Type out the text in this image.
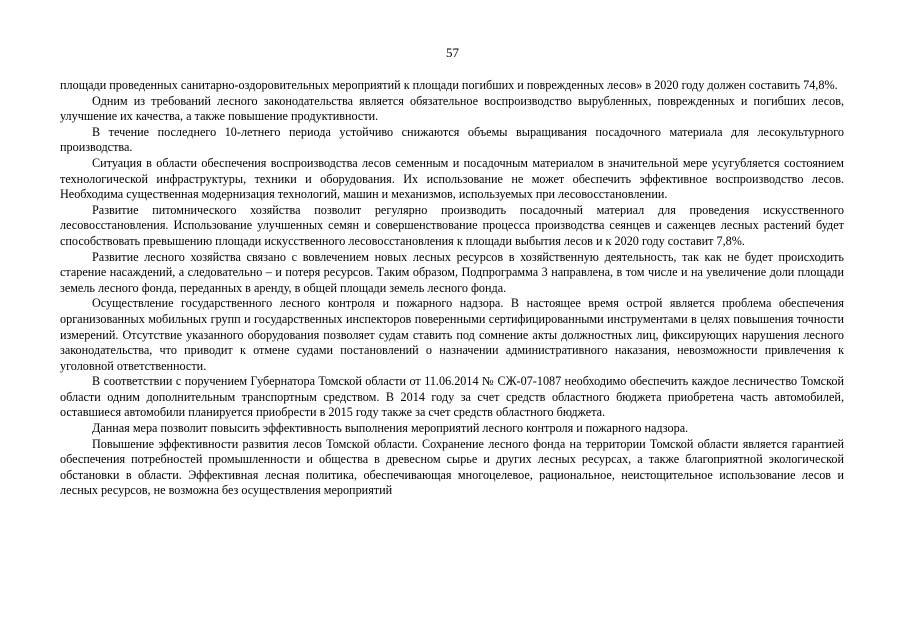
57

площади проведенных санитарно-оздоровительных мероприятий к площади погибших и поврежденных лесов» в 2020 году должен составить 74,8%.

Одним из требований лесного законодательства является обязательное воспроизводство вырубленных, поврежденных и погибших лесов, улучшение их качества, а также повышение продуктивности.

В течение последнего 10-летнего периода устойчиво снижаются объемы выращивания посадочного материала для лесокультурного производства.

Ситуация в области обеспечения воспроизводства лесов семенным и посадочным материалом в значительной мере усугубляется состоянием технологической инфраструктуры, техники и оборудования. Их использование не может обеспечить эффективное воспроизводство лесов. Необходима существенная модернизация технологий, машин и механизмов, используемых при лесовосстановлении.

Развитие питомнического хозяйства позволит регулярно производить посадочный материал для проведения искусственного лесовосстановления. Использование улучшенных семян и совершенствование процесса производства сеянцев и саженцев лесных растений будет способствовать превышению площади искусственного лесовосстановления к площади выбытия лесов и к 2020 году составит 7,8%.

Развитие лесного хозяйства связано с вовлечением новых лесных ресурсов в хозяйственную деятельность, так как не будет происходить старение насаждений, а следовательно – и потеря ресурсов. Таким образом, Подпрограмма 3 направлена, в том числе и на увеличение доли площади земель лесного фонда, переданных в аренду, в общей площади земель лесного фонда.

Осуществление государственного лесного контроля и пожарного надзора. В настоящее время острой является проблема обеспечения организованных мобильных групп и государственных инспекторов поверенными сертифицированными инструментами в целях повышения точности измерений. Отсутствие указанного оборудования позволяет судам ставить под сомнение акты должностных лиц, фиксирующих нарушения лесного законодательства, что приводит к отмене судами постановлений о назначении административного наказания, невозможности привлечения к уголовной ответственности.

В соответствии с поручением Губернатора Томской области от 11.06.2014 № СЖ-07-1087 необходимо обеспечить каждое лесничество Томской области одним дополнительным транспортным средством. В 2014 году за счет средств областного бюджета приобретена часть автомобилей, оставшиеся автомобили планируется приобрести в 2015 году также за счет средств областного бюджета.

Данная мера позволит повысить эффективность выполнения мероприятий лесного контроля и пожарного надзора.

Повышение эффективности развития лесов Томской области. Сохранение лесного фонда на территории Томской области является гарантией обеспечения потребностей промышленности и общества в древесном сырье и других лесных ресурсах, а также благоприятной экологической обстановки в области. Эффективная лесная политика, обеспечивающая многоцелевое, рациональное, неистощительное использование лесов и лесных ресурсов, не возможна без осуществления мероприятий
